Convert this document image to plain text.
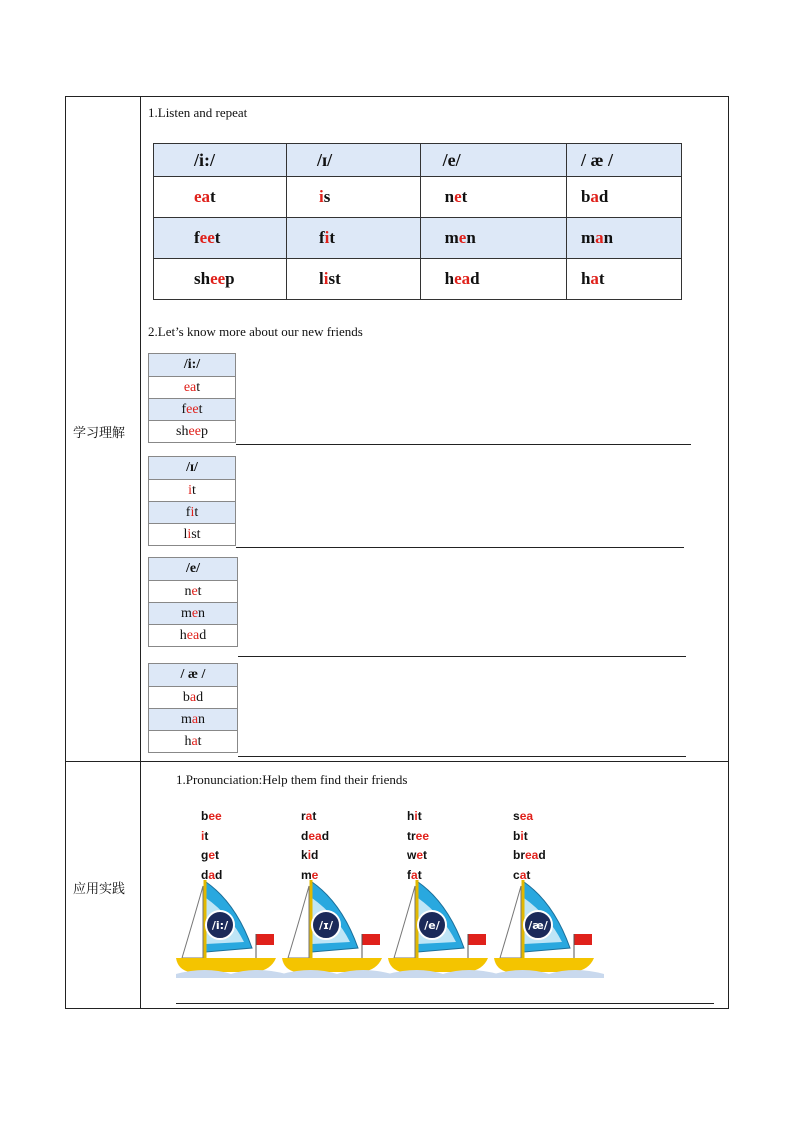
学习理解
1.Listen and repeat
/i:/	/ɪ/	/e/	/ æ /
eat	is	net	bad
feet	fit	men	man
sheep	list	head	hat
2.Let’s know more about our new friends
/i:/
eat
feet
sheep
/ɪ/
it
fit
list
/e/
net
men
head
/ æ /
bad
man
hat
应用实践
1.Pronunciation:Help them find their friends
bee
it
get
dad
rat
dead
kid
me
hit
tree
wet
fat
sea
bit
bread
cat
/i:/	/ɪ/	/e/	/æ/
